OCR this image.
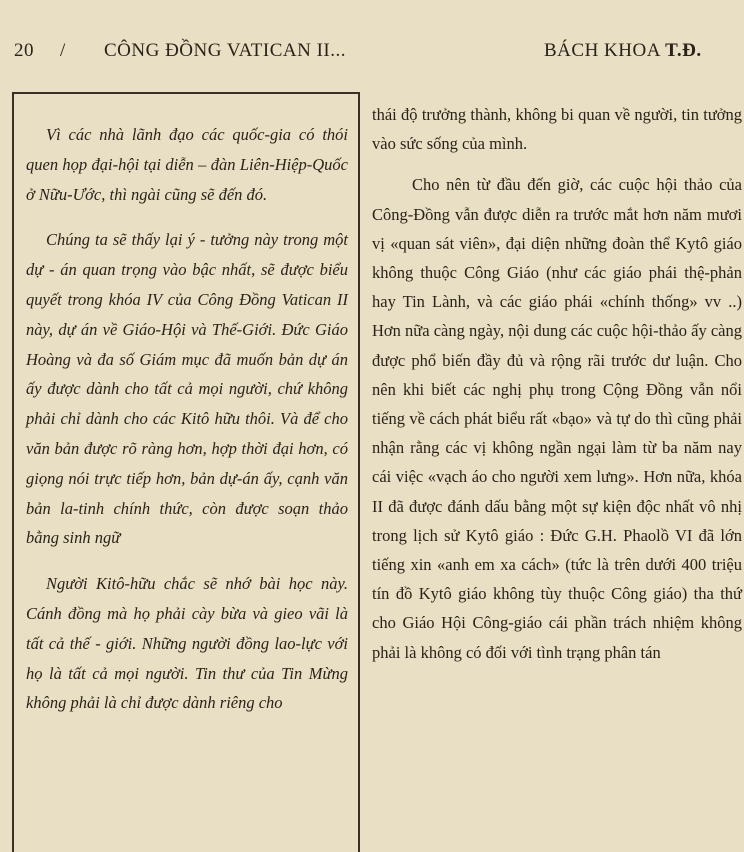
20 / CÔNG ĐỒNG VATICAN II...	BÁCH KHOA T.Đ.

Vì các nhà lãnh đạo các quốc-gia có thói quen họp đại-hội tại diễn – đàn Liên-Hiệp-Quốc ở Nữu-Ước, thì ngài cũng sẽ đến đó.

Chúng ta sẽ thấy lại ý - tưởng này trong một dự - án quan trọng vào bậc nhất, sẽ được biểu quyết trong khóa IV của Công Đồng Vatican II này, dự án về Giáo-Hội và Thế-Giới. Đức Giáo Hoàng và đa số Giám mục đã muốn bản dự án ấy được dành cho tất cả mọi người, chứ không phải chỉ dành cho các Kitô hữu thôi. Và để cho văn bản được rõ ràng hơn, hợp thời đại hơn, có giọng nói trực tiếp hơn, bản dự-án ấy, cạnh văn bản la-tinh chính thức, còn được soạn thảo bằng sinh ngữ

Người Kitô-hữu chắc sẽ nhớ bài học này. Cánh đồng mà họ phải cày bừa và gieo vãi là tất cả thế - giới. Những người đồng lao-lực với họ là tất cả mọi người. Tin thư của Tin Mừng không phải là chỉ được dành riêng cho

thái độ trưởng thành, không bi quan về người, tin tưởng vào sức sống của mình.

Cho nên từ đầu đến giờ, các cuộc hội thảo của Công-Đồng vẫn được diễn ra trước mắt hơn năm mươi vị «quan sát viên», đại diện những đoàn thể Kytô giáo không thuộc Công Giáo (như các giáo phái thệ-phản hay Tin Lành, và các giáo phái «chính thống» vv ..) Hơn nữa càng ngày, nội dung các cuộc hội-thảo ấy càng được phổ biến đầy đủ và rộng rãi trước dư luận. Cho nên khi biết các nghị phụ trong Cộng Đồng vẫn nổi tiếng về cách phát biểu rất «bạo» và tự do thì cũng phải nhận rằng các vị không ngần ngại làm từ ba năm nay cái việc «vạch áo cho người xem lưng». Hơn nữa, khóa II đã được đánh dấu bằng một sự kiện độc nhất vô nhị trong lịch sử Kytô giáo : Đức G.H. Phaolồ VI đã lớn tiếng xin «anh em xa cách» (tức là trên dưới 400 triệu tín đồ Kytô giáo không tùy thuộc Công giáo) tha thứ cho Giáo Hội Công-giáo cái phần trách nhiệm không phải là không có đối với tình trạng phân tán
